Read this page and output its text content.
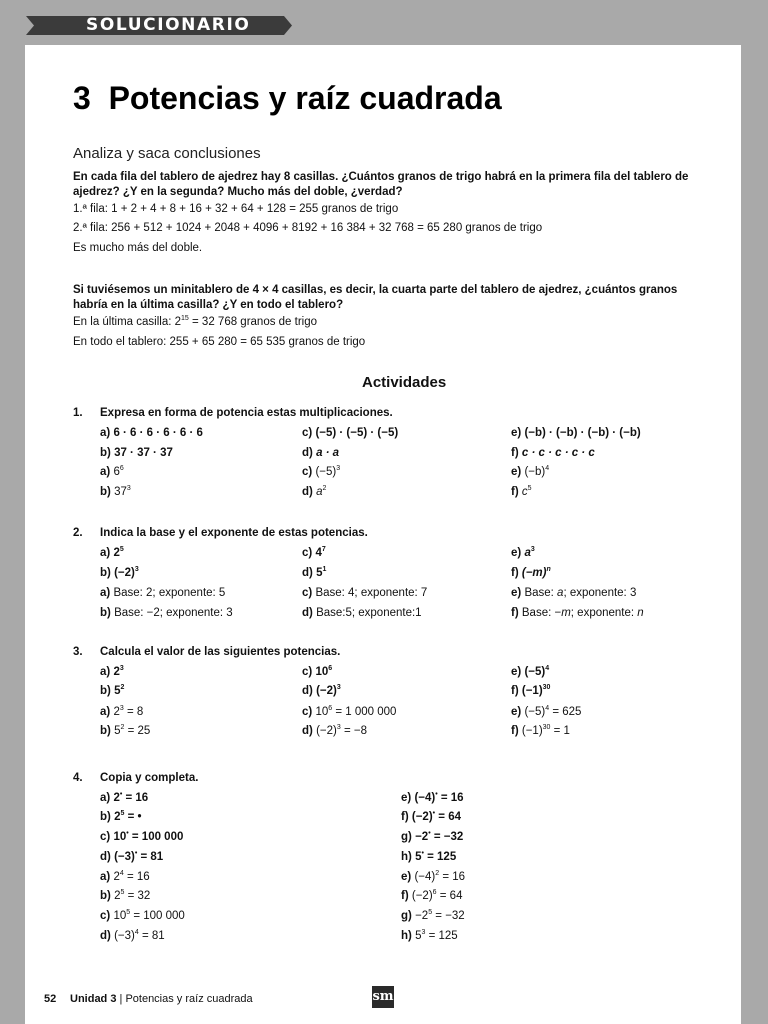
SOLUCIONARIO
3  Potencias y raíz cuadrada
Analiza y saca conclusiones
En cada fila del tablero de ajedrez hay 8 casillas. ¿Cuántos granos de trigo habrá en la primera fila del tablero de ajedrez? ¿Y en la segunda? Mucho más del doble, ¿verdad?
1.ª fila: 1 + 2 + 4 + 8 + 16 + 32 + 64 + 128 = 255 granos de trigo
2.ª fila: 256 + 512 + 1024 + 2048 + 4096 + 8192 + 16 384 + 32 768 = 65 280 granos de trigo
Es mucho más del doble.
Si tuviésemos un minitablero de 4 × 4 casillas, es decir, la cuarta parte del tablero de ajedrez, ¿cuántos granos habría en la última casilla? ¿Y en todo el tablero?
En la última casilla: $2^{15} = 32$ 768 granos de trigo
En todo el tablero: 255 + 65 280 = 65 535 granos de trigo
Actividades
1. Expresa en forma de potencia estas multiplicaciones.
a) 6 · 6 · 6 · 6 · 6 · 6
b) 37 · 37 · 37
c) (−5) · (−5) · (−5)
d) a · a
e) (−b) · (−b) · (−b) · (−b)
f) c · c · c · c · c
a) $6^6$
b) $37^3$
c) $(-5)^3$
d) $a^2$
e) $(-b)^4$
f) $c^5$
2. Indica la base y el exponente de estas potencias.
a) $2^5$
b) $(-2)^3$
c) $4^7$
d) $5^1$
e) $a^3$
f) $(-m)^n$
a) Base: 2; exponente: 5
b) Base: −2; exponente: 3
c) Base: 4; exponente: 7
d) Base:5; exponente:1
e) Base: a; exponente: 3
f) Base: −m; exponente: n
3. Calcula el valor de las siguientes potencias.
a) $2^3$
b) $5^2$
c) $10^6$
d) $(-2)^3$
e) $(-5)^4$
f) $(-1)^{30}$
a) $2^3 = 8$
b) $5^2 = 25$
c) $10^6 = 1$ 000 000
d) $(-2)^3 = -8$
e) $(-5)^4 = 625$
f) $(-1)^{30} = 1$
4. Copia y completa.
a) 2• = 16
b) $2^5$ = •
c) 10• = 100 000
d) (−3)• = 81
e) (−4)• = 16
f) (−2)• = 64
g) −2• = −32
h) 5• = 125
a) $2^4 = 16$
b) $2^5 = 32$
c) $10^5 = 100$ 000
d) $(-3)^4 = 81$
e) $(-4)^2 = 16$
f) $(-2)^6 = 64$
$g) -2^5 = -32$
h) $5^3 = 125$
52 Unidad 3 | Potencias y raíz cuadrada	sm
